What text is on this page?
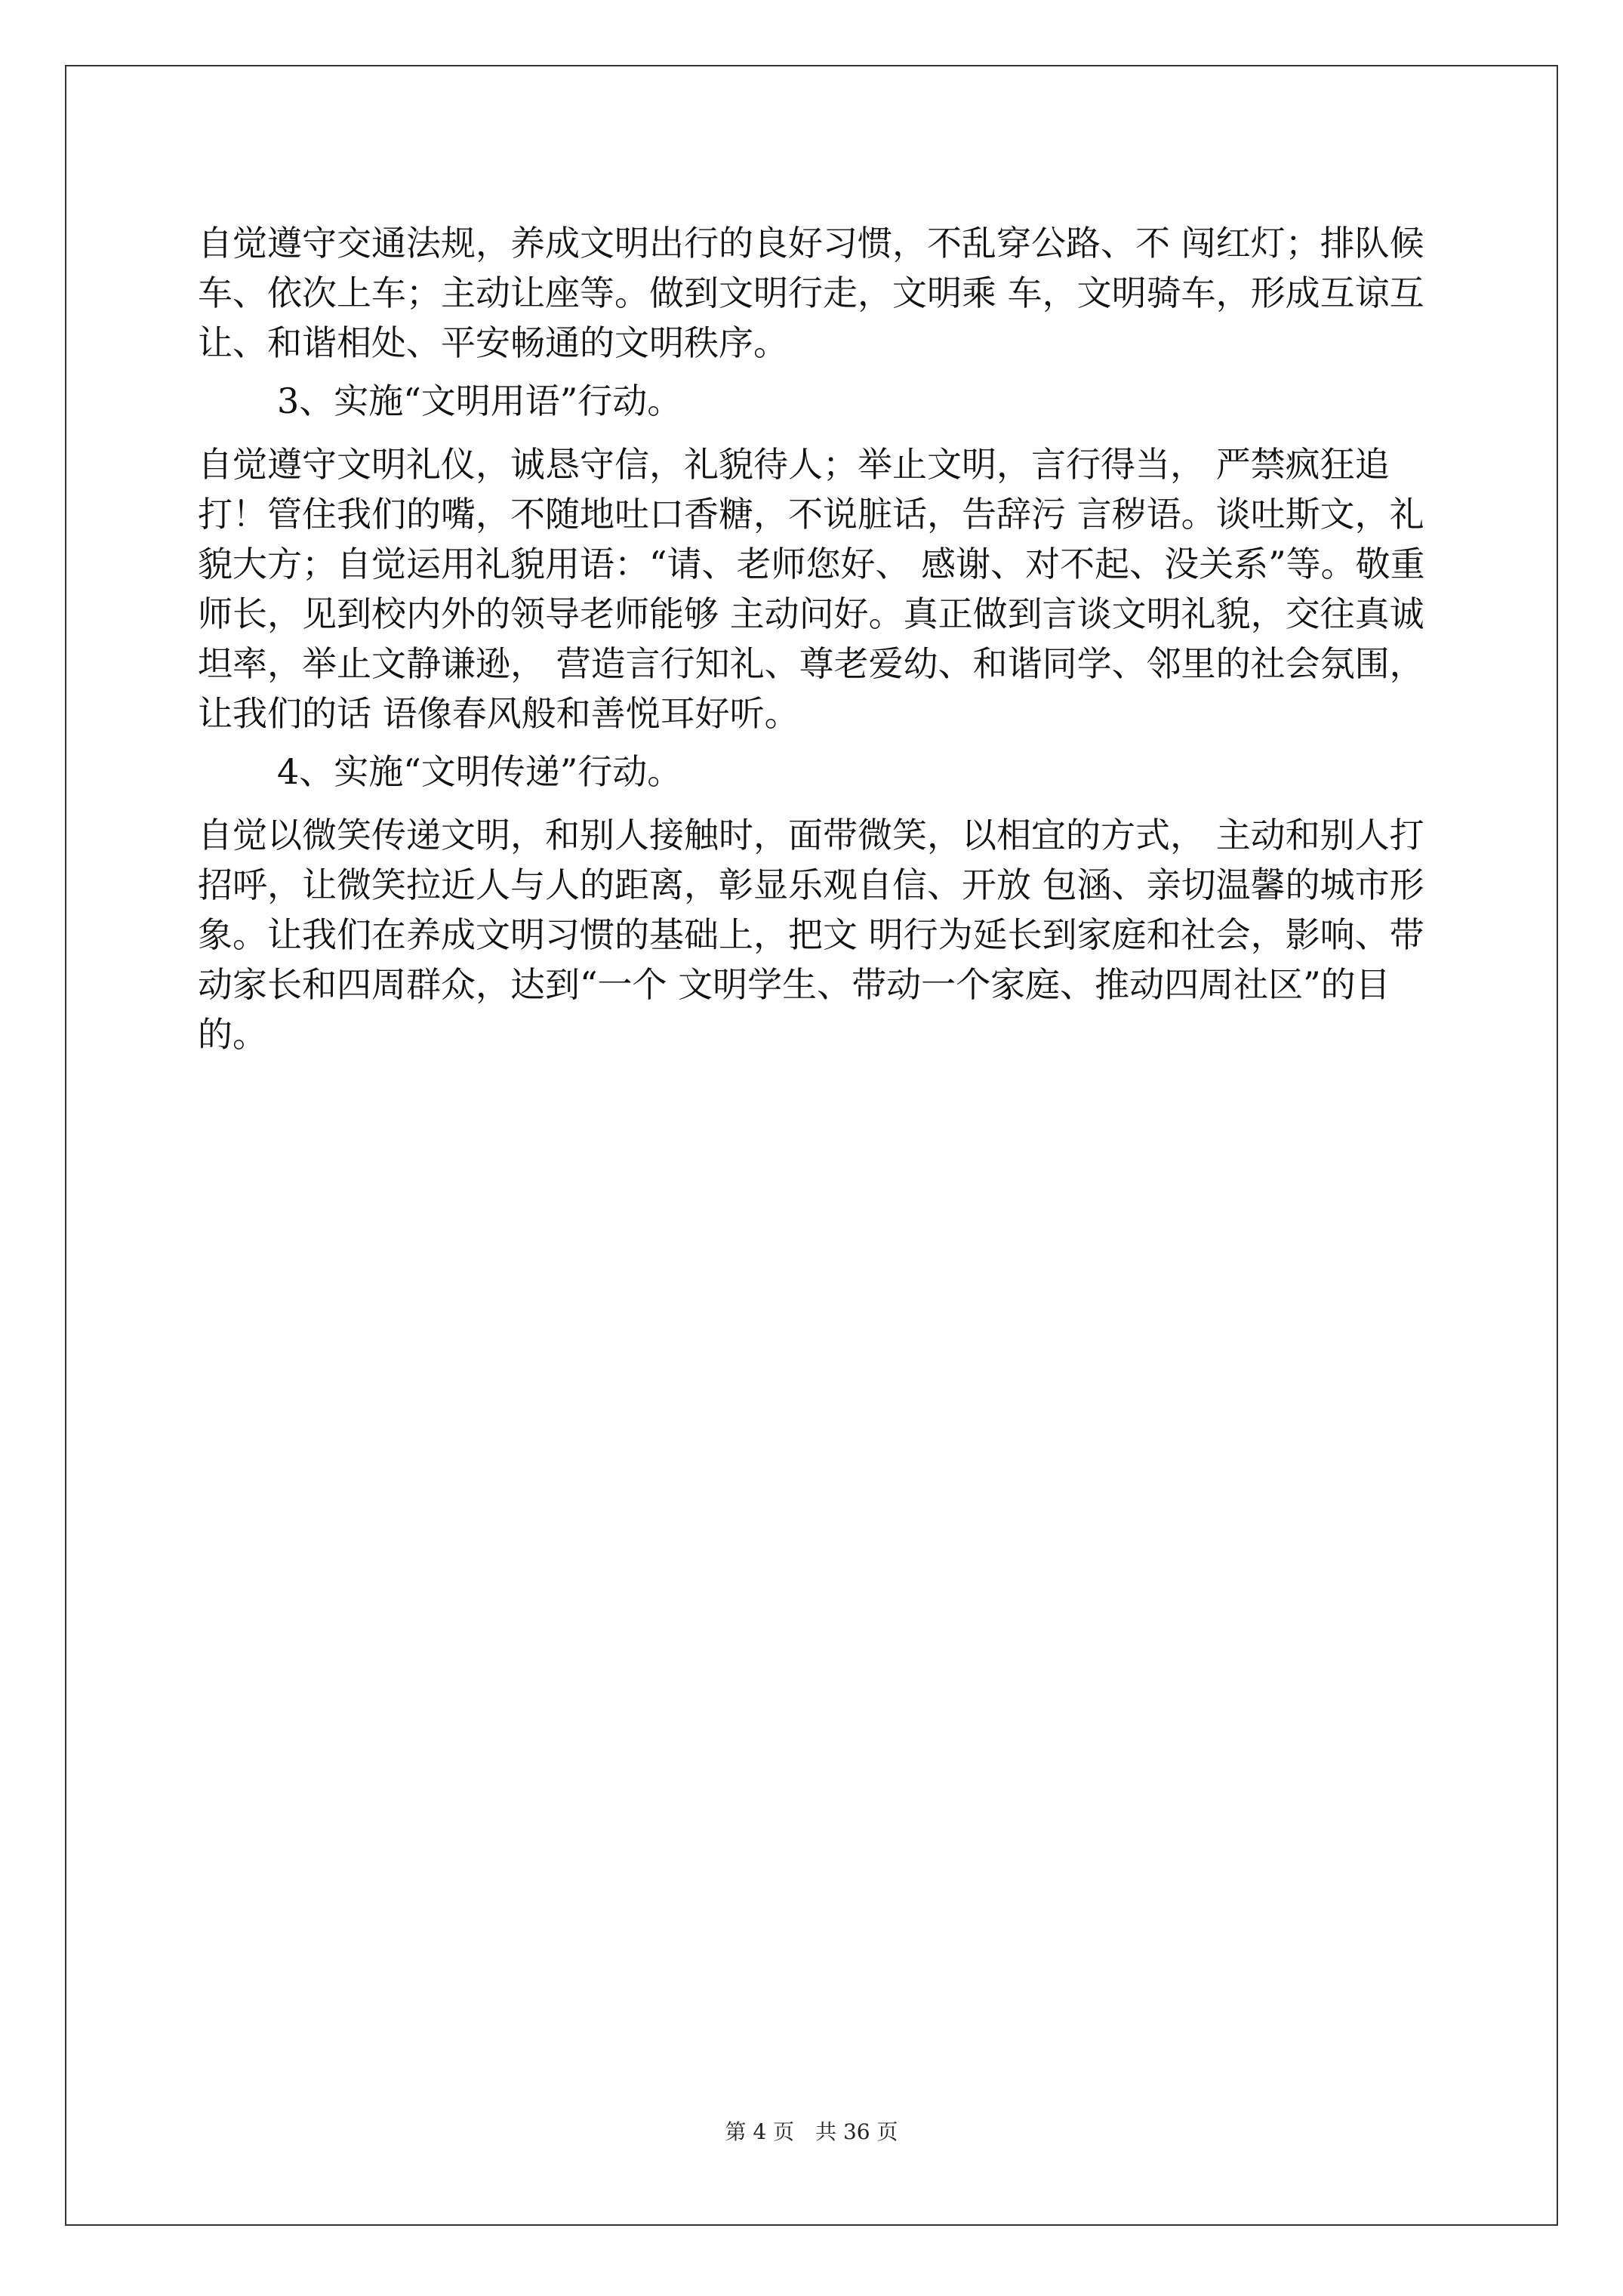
自觉遵守交通法规，养成文明出行的良好习惯，不乱穿公路、不 闯红灯；排队候车、依次上车；主动让座等。做到文明行走，文明乘 车，文明骑车，形成互谅互让、和谐相处、平安畅通的文明秩序。
3、实施“文明用语”行动。
自觉遵守文明礼仪，诚恳守信，礼貌待人；举止文明，言行得当， 严禁疯狂追打！管住我们的嘴，不随地吐口香糖，不说脏话，告辞污 言秽语。谈吐斯文，礼貌大方；自觉运用礼貌用语：“请、老师您好、 感谢、对不起、没关系”等。敬重师长，见到校内外的领导老师能够 主动问好。真正做到言谈文明礼貌，交往真诚坦率，举止文静谦逊， 营造言行知礼、尊老爱幼、和谐同学、邻里的社会氛围，让我们的话 语像春风般和善悦耳好听。
4、实施“文明传递”行动。
自觉以微笑传递文明，和别人接触时，面带微笑，以相宜的方式， 主动和别人打招呼，让微笑拉近人与人的距离，彰显乐观自信、开放 包涵、亲切温馨的城市形象。让我们在养成文明习惯的基础上，把文 明行为延长到家庭和社会，影响、带动家长和四周群众，达到“一个 文明学生、带动一个家庭、推动四周社区”的目的。
第 4 页　共 36 页
